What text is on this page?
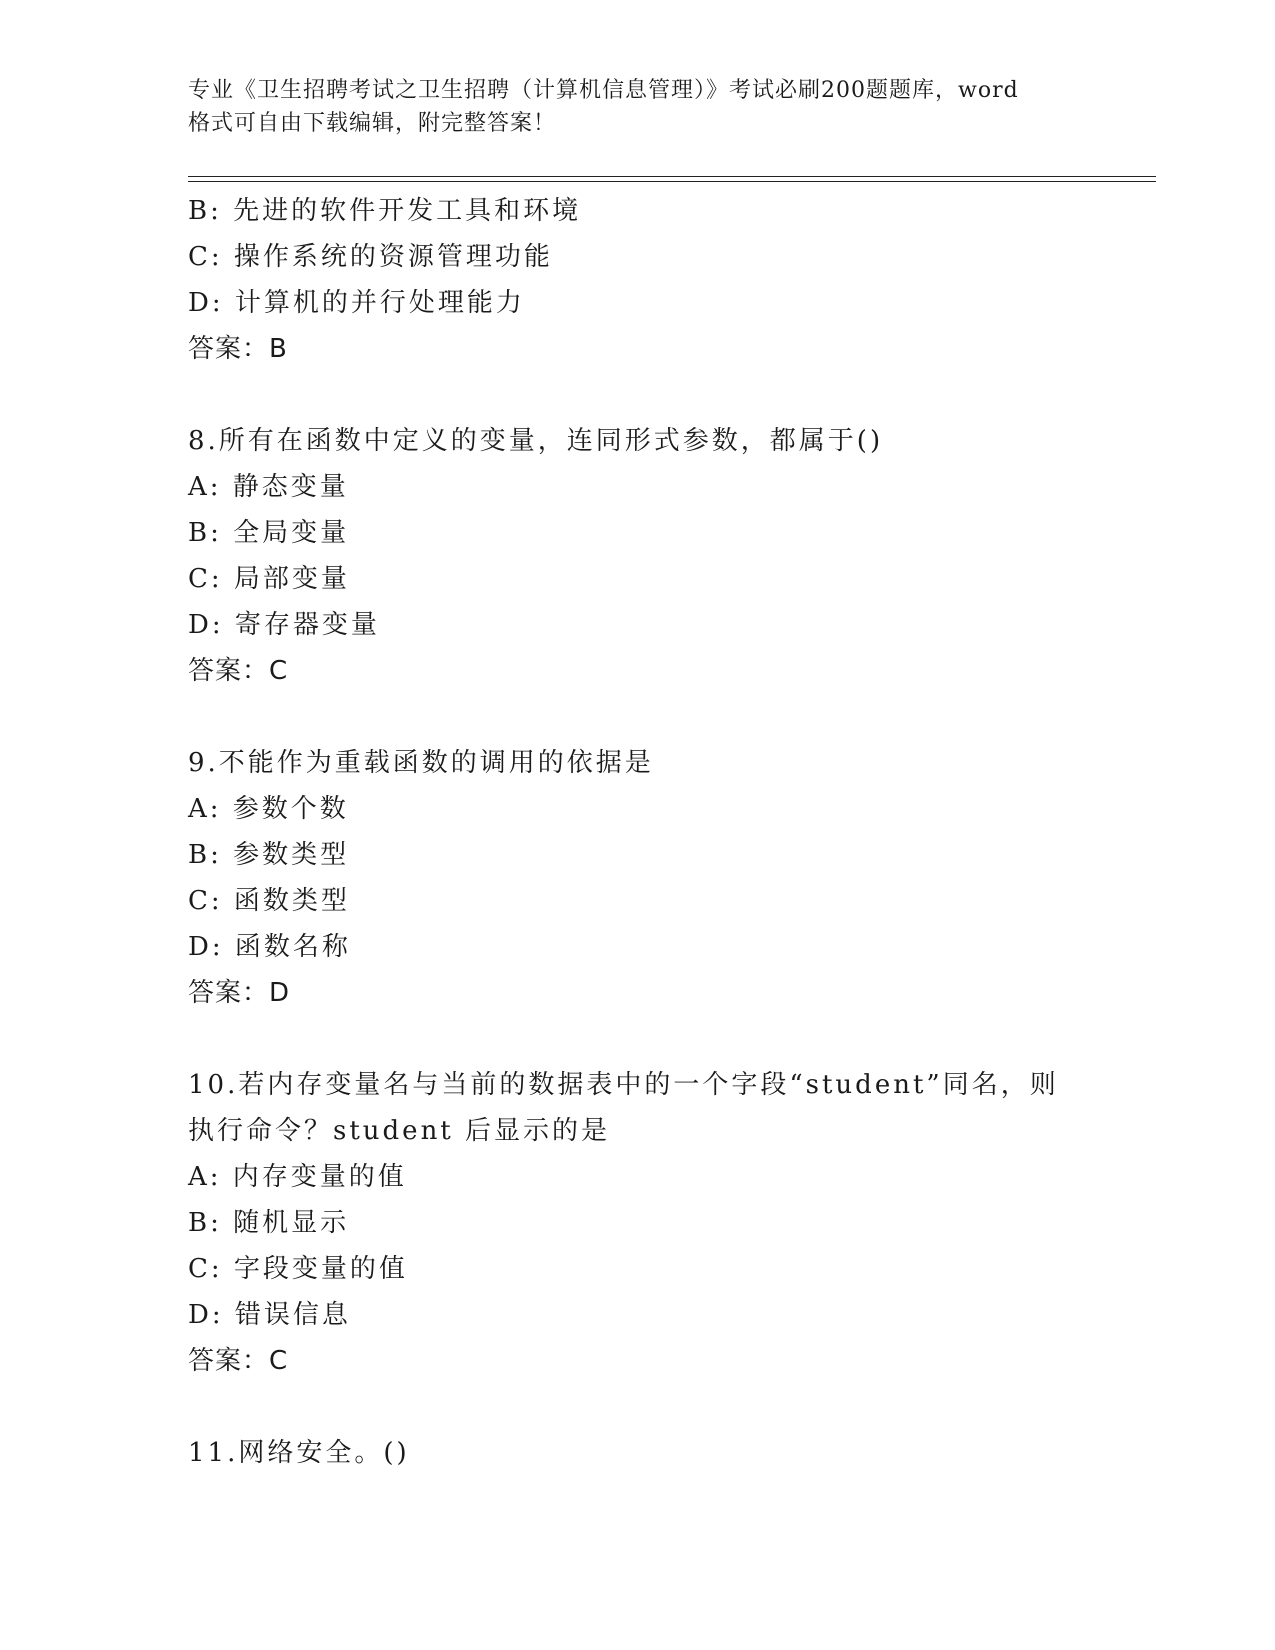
专业《卫生招聘考试之卫生招聘（计算机信息管理）》考试必刷200题题库，word
格式可自由下载编辑，附完整答案！
B: 先进的软件开发工具和环境
C: 操作系统的资源管理功能
D: 计算机的并行处理能力
答案：B
8.所有在函数中定义的变量，连同形式参数，都属于()
A: 静态变量
B: 全局变量
C: 局部变量
D: 寄存器变量
答案：C
9.不能作为重载函数的调用的依据是
A: 参数个数
B: 参数类型
C: 函数类型
D: 函数名称
答案：D
10.若内存变量名与当前的数据表中的一个字段“student”同名，则
执行命令？student 后显示的是
A: 内存变量的值
B: 随机显示
C: 字段变量的值
D: 错误信息
答案：C
11.网络安全。()
